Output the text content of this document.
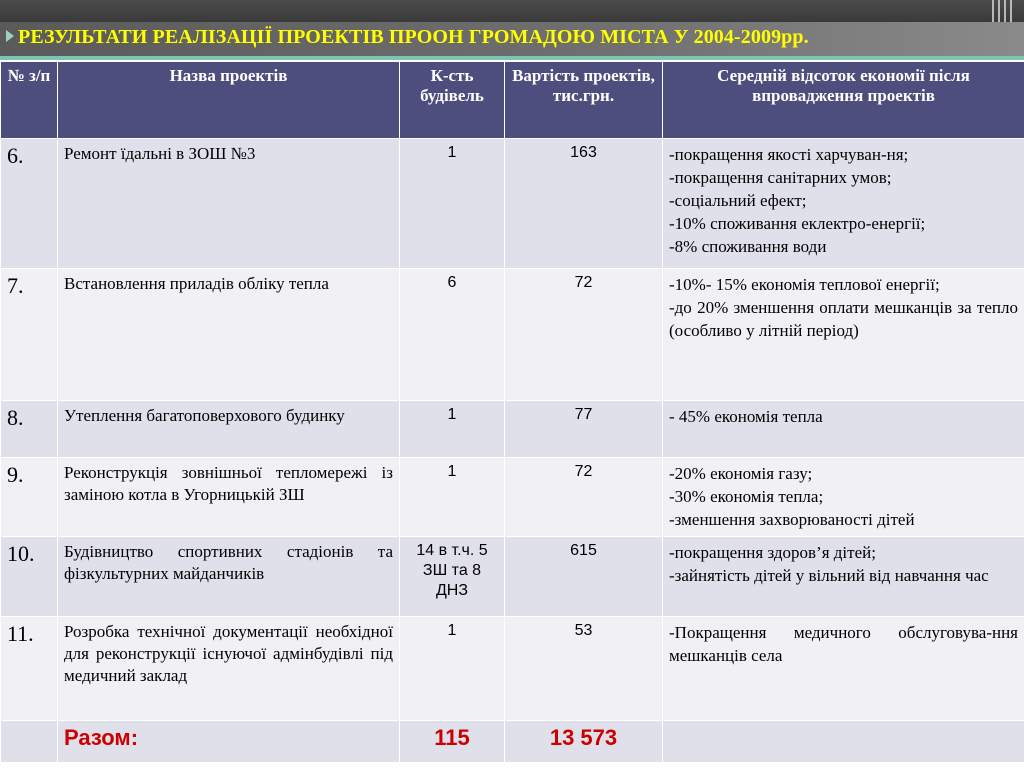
РЕЗУЛЬТАТИ РЕАЛІЗАЦІЇ ПРОЕКТІВ ПРООН ГРОМАДОЮ МІСТА У 2004-2009рр.
№ з/п	Назва проектів	К-сть будівель	Вартість проектів, тис.грн.	Середній відсоток економії після впровадження проектів
6.	Ремонт їдальні в ЗОШ №3	1	163	-покращення якості харчуван-ня;
-покращення санітарних умов;
-соціальний ефект;
-10% споживання еклектро-енергії;
-8% споживання води

7.	Встановлення приладів обліку тепла	6	72	-10%- 15% економія теплової енергії;
-до 20% зменшення оплати мешканців за тепло (особливо у літній період)

8.	Утеплення багатоповерхового будинку	1	77	- 45% економія тепла

9.	Реконструкція зовнішньої тепломережі із заміною котла в Угорницькій ЗШ	1	72	-20% економія газу;
-30% економія тепла;
-зменшення захворюваності дітей

10.	Будівництво спортивних стадіонів та фізкультурних майданчиків	14 в т.ч. 5 ЗШ та 8 ДНЗ	615	-покращення здоров’я дітей;
-зайнятість дітей у вільний від навчання час

11.	Розробка технічної документації необхідної для реконструкції існуючої адмінбудівлі під медичний заклад	1	53	-Покращення медичного обслуговува-ння мешканців села

	Разом:	115	13 573	
